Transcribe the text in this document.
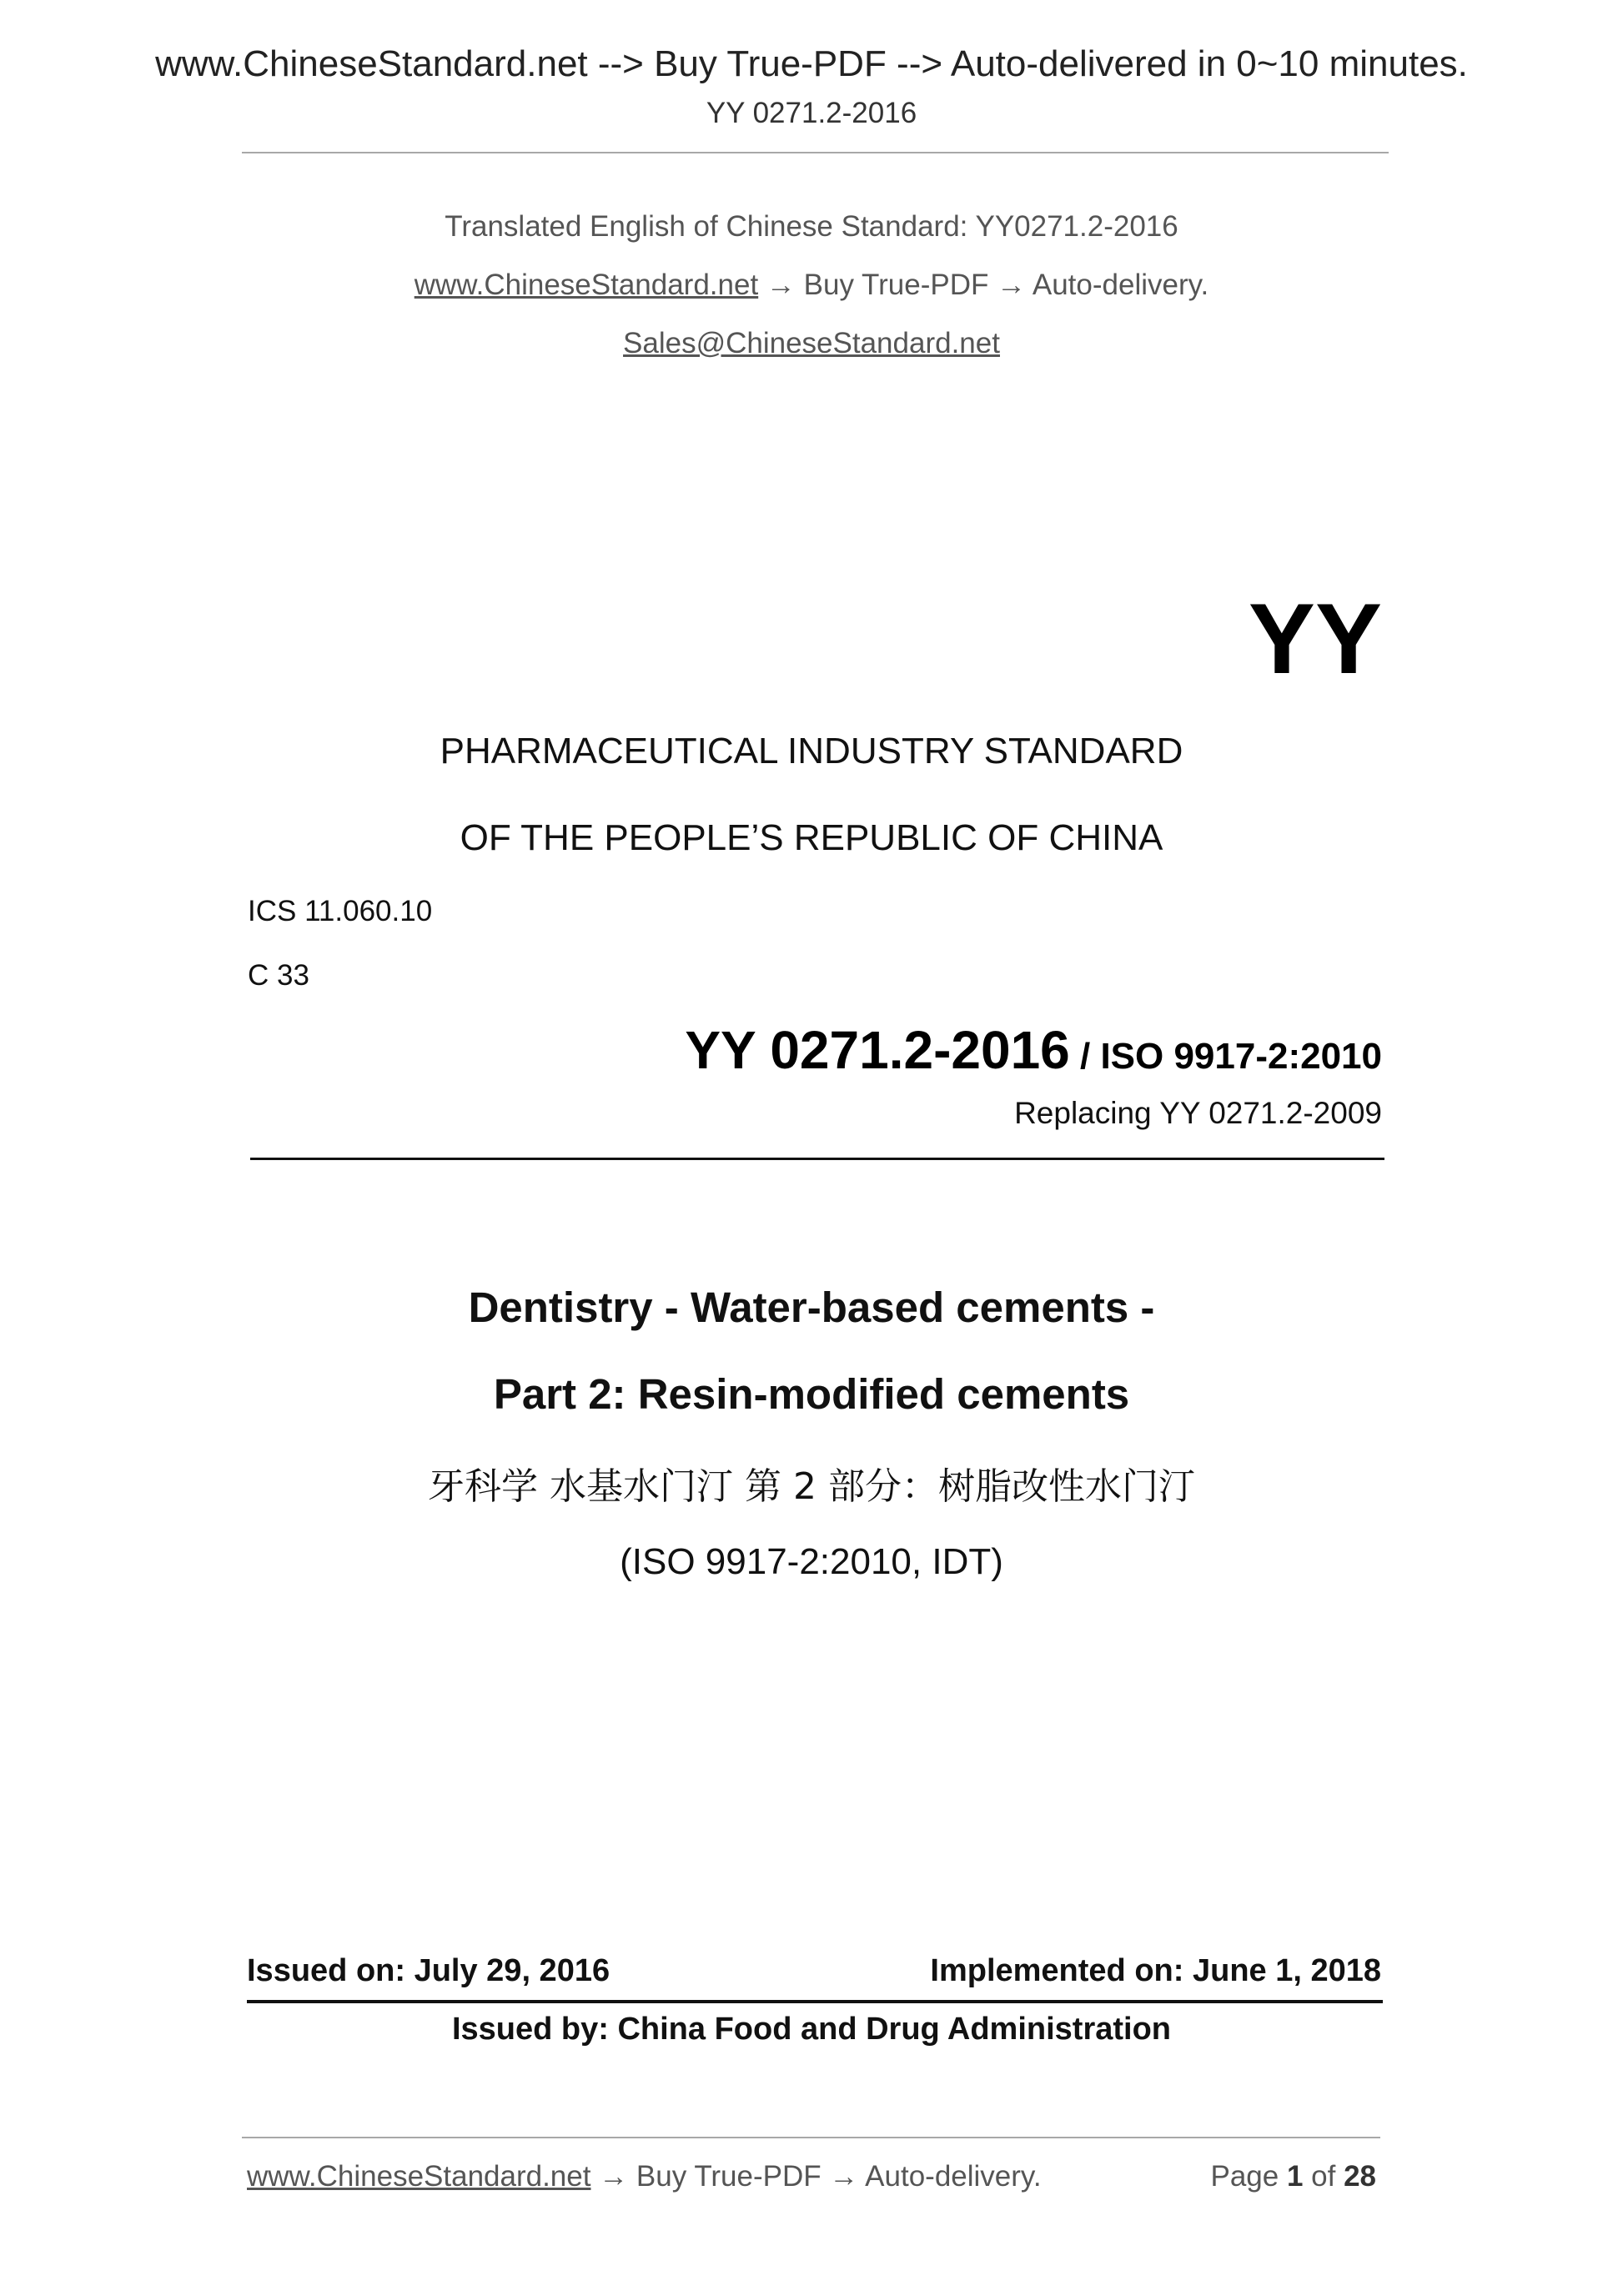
www.ChineseStandard.net --> Buy True-PDF --> Auto-delivered in 0~10 minutes.
YY 0271.2-2016
Translated English of Chinese Standard: YY0271.2-2016
www.ChineseStandard.net → Buy True-PDF → Auto-delivery.
Sales@ChineseStandard.net
YY
PHARMACEUTICAL INDUSTRY STANDARD
OF THE PEOPLE’S REPUBLIC OF CHINA
ICS 11.060.10
C 33
YY 0271.2-2016 / ISO 9917-2:2010
Replacing YY 0271.2-2009
Dentistry - Water-based cements -
Part 2: Resin-modified cements
牙科学 水基水门汀 第 2 部分：树脂改性水门汀
(ISO 9917-2:2010, IDT)
Issued on: July 29, 2016	Implemented on: June 1, 2018
Issued by: China Food and Drug Administration
www.ChineseStandard.net → Buy True-PDF → Auto-delivery.	Page 1 of 28
